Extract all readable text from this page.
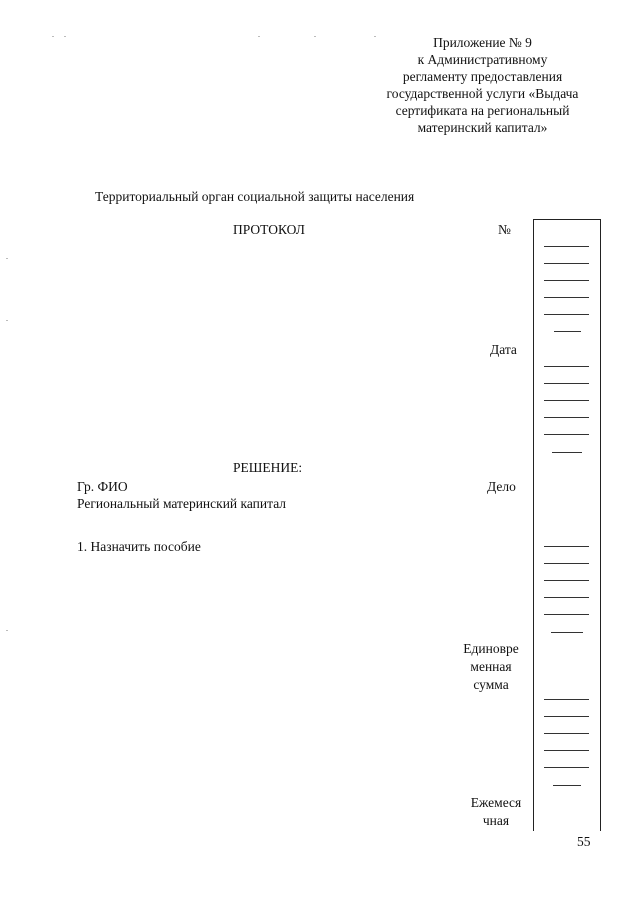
Приложение № 9
к Административному
регламенту предоставления
государственной услуги «Выдача
сертификата на региональный
материнский капитал»
Территориальный орган социальной защиты населения
ПРОТОКОЛ
РЕШЕНИЕ:
Гр. ФИО
Региональный материнский капитал
1. Назначить пособие
№
Дата
Дело
Единовре
менная
сумма
Ежемеся
чная
55
